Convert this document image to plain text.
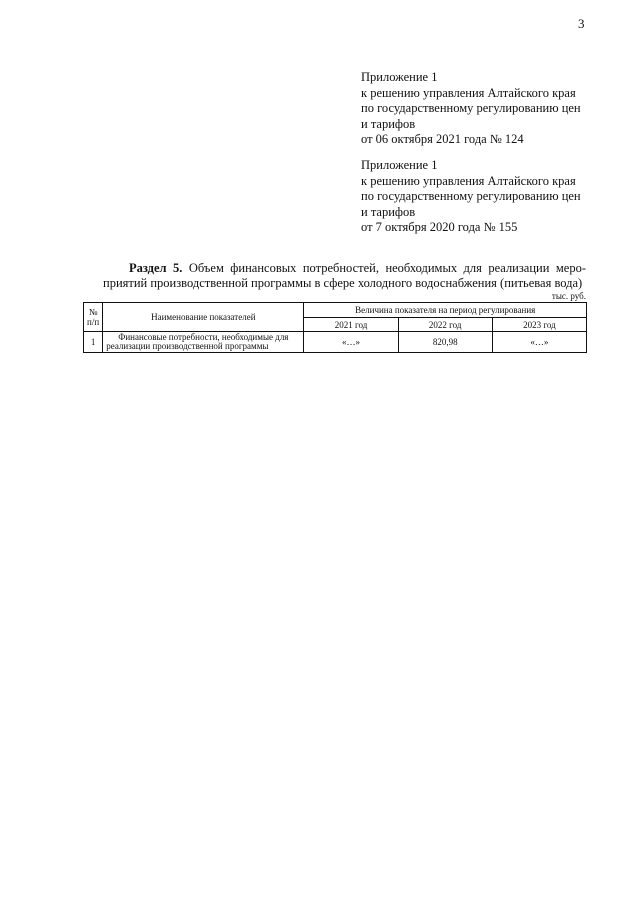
3
Приложение 1
к решению управления Алтайского края
по государственному регулированию цен
и тарифов
от 06 октября 2021 года № 124
Приложение 1
к решению управления Алтайского края
по государственному регулированию цен
и тарифов
от 7 октября 2020 года № 155
Раздел 5. Объем финансовых потребностей, необходимых для реализации меро-
приятий производственной программы в сфере холодного водоснабжения (питьевая вода)
тыс. руб.
№ п/п	Наименование показателей	Величина показателя на период регулирования		
		2021 год	2022 год	2023 год
1	Финансовые потребности, необходимые для реализации производственной программы	«…»	820,98	«…»
